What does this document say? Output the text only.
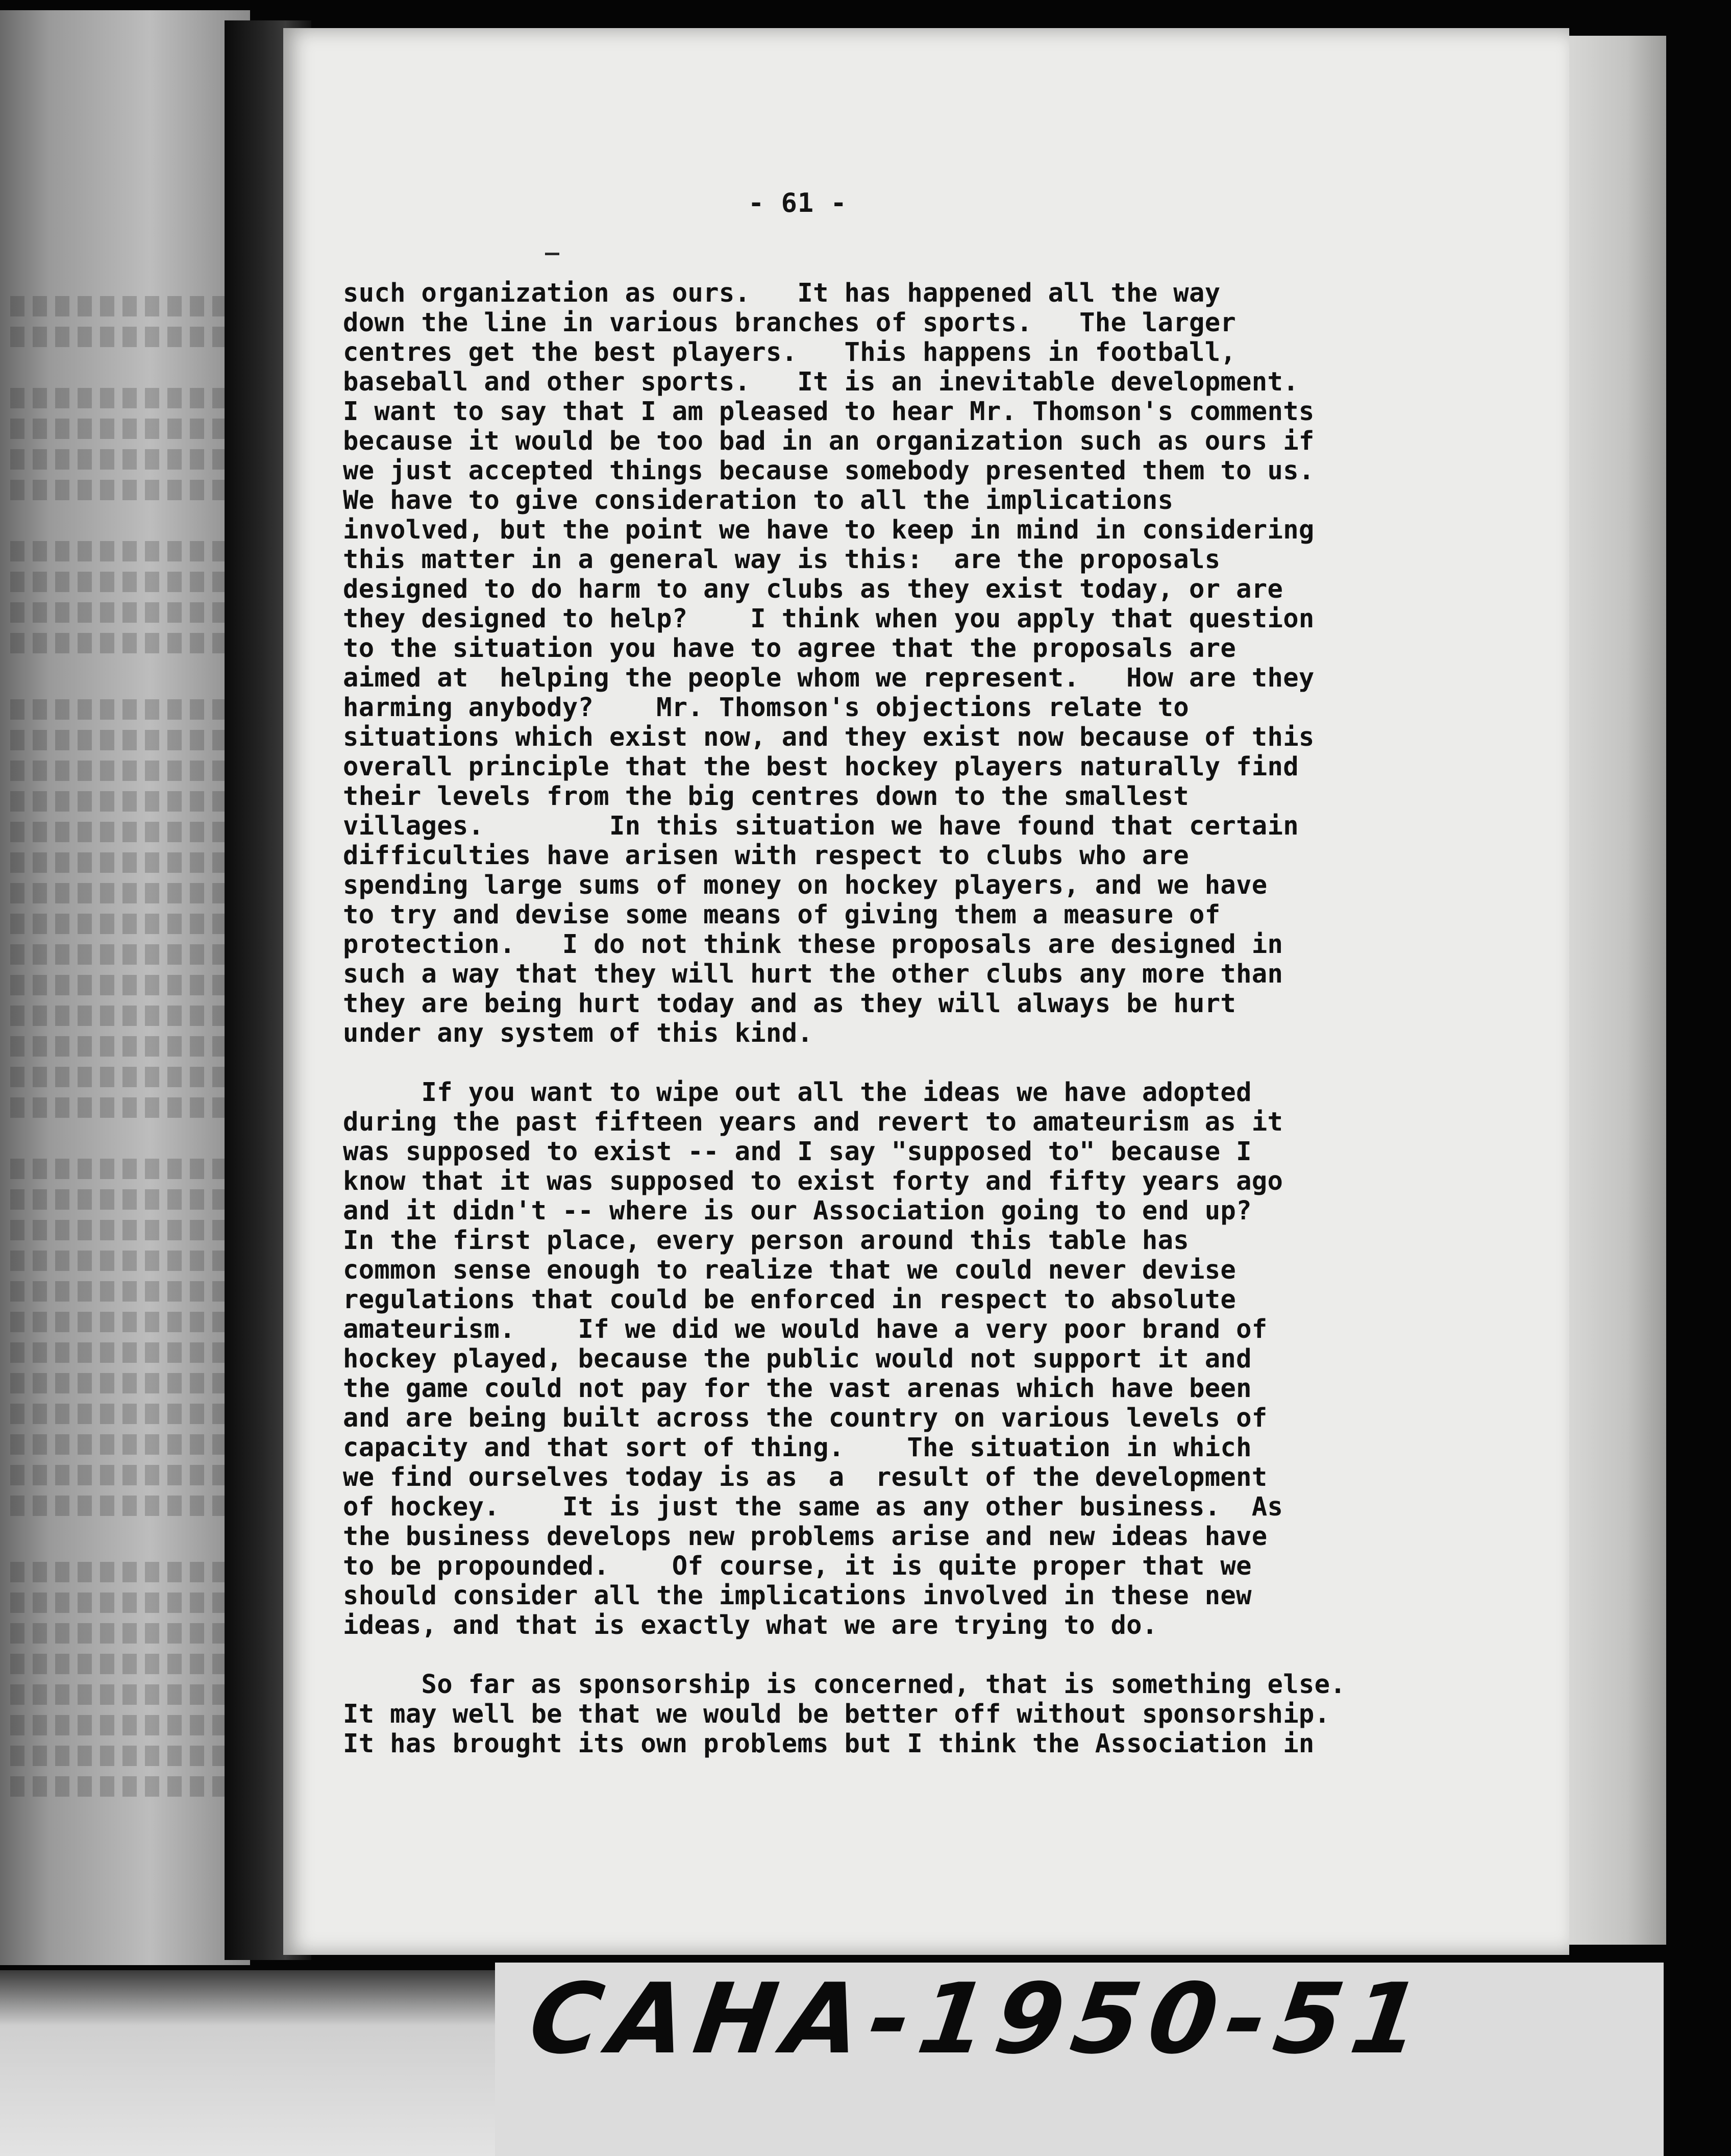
- 61 -

such organization as ours.   It has happened all the way

down the line in various branches of sports.   The larger

centres get the best players.   This happens in football,

baseball and other sports.   It is an inevitable development.

I want to say that I am pleased to hear Mr. Thomson's comments

because it would be too bad in an organization such as ours if

we just accepted things because somebody presented them to us.

We have to give consideration to all the implications

involved, but the point we have to keep in mind in considering

this matter in a general way is this:  are the proposals

designed to do harm to any clubs as they exist today, or are

they designed to help?    I think when you apply that question

to the situation you have to agree that the proposals are

aimed at  helping the people whom we represent.   How are they

harming anybody?    Mr. Thomson's objections relate to

situations which exist now, and they exist now because of this

overall principle that the best hockey players naturally find

their levels from the big centres down to the smallest

villages.        In this situation we have found that certain

difficulties have arisen with respect to clubs who are

spending large sums of money on hockey players, and we have

to try and devise some means of giving them a measure of

protection.   I do not think these proposals are designed in

such a way that they will hurt the other clubs any more than

they are being hurt today and as they will always be hurt

under any system of this kind.

If you want to wipe out all the ideas we have adopted

during the past fifteen years and revert to amateurism as it

was supposed to exist -- and I say "supposed to" because I

know that it was supposed to exist forty and fifty years ago

and it didn't -- where is our Association going to end up?

In the first place, every person around this table has

common sense enough to realize that we could never devise

regulations that could be enforced in respect to absolute

amateurism.    If we did we would have a very poor brand of

hockey played, because the public would not support it and

the game could not pay for the vast arenas which have been

and are being built across the country on various levels of

capacity and that sort of thing.    The situation in which

we find ourselves today is as  a  result of the development

of hockey.    It is just the same as any other business.  As

the business develops new problems arise and new ideas have

to be propounded.    Of course, it is quite proper that we

should consider all the implications involved in these new

ideas, and that is exactly what we are trying to do.

So far as sponsorship is concerned, that is something else.

It may well be that we would be better off without sponsorship.

It has brought its own problems but I think the Association in

CAHA-1950-51
